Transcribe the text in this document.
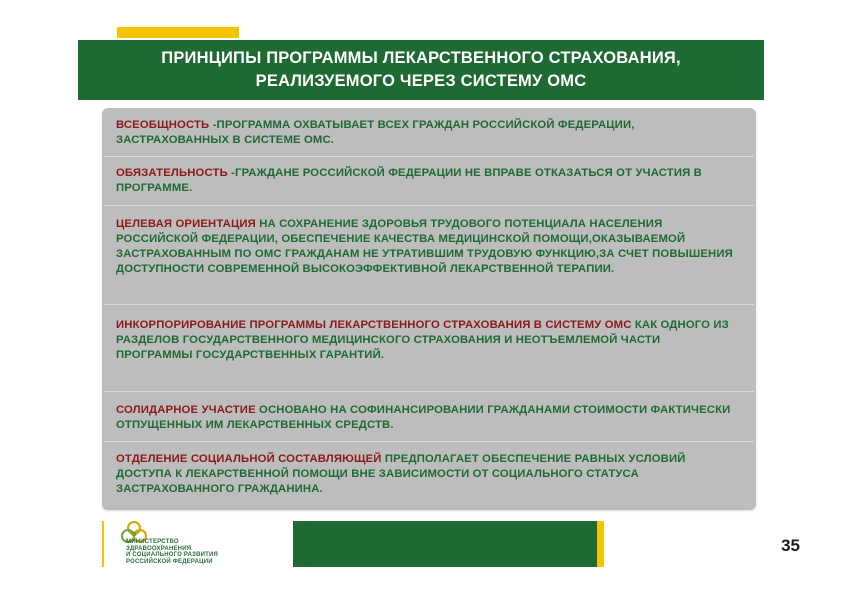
ПРИНЦИПЫ ПРОГРАММЫ ЛЕКАРСТВЕННОГО СТРАХОВАНИЯ,
РЕАЛИЗУЕМОГО ЧЕРЕЗ СИСТЕМУ ОМС
ВСЕОБЩНОСТЬ -ПРОГРАММА ОХВАТЫВАЕТ ВСЕХ ГРАЖДАН РОССИЙСКОЙ ФЕДЕРАЦИИ, ЗАСТРАХОВАННЫХ В СИСТЕМЕ ОМС.
ОБЯЗАТЕЛЬНОСТЬ -ГРАЖДАНЕ РОССИЙСКОЙ ФЕДЕРАЦИИ НЕ ВПРАВЕ ОТКАЗАТЬСЯ ОТ УЧАСТИЯ В ПРОГРАММЕ.
ЦЕЛЕВАЯ ОРИЕНТАЦИЯ НА СОХРАНЕНИЕ ЗДОРОВЬЯ ТРУДОВОГО ПОТЕНЦИАЛА НАСЕЛЕНИЯ РОССИЙСКОЙ ФЕДЕРАЦИИ, ОБЕСПЕЧЕНИЕ КАЧЕСТВА МЕДИЦИНСКОЙ ПОМОЩИ,ОКАЗЫВАЕМОЙ ЗАСТРАХОВАННЫМ ПО ОМС ГРАЖДАНАМ НЕ УТРАТИВШИМ ТРУДОВУЮ ФУНКЦИЮ,ЗА СЧЕТ ПОВЫШЕНИЯ ДОСТУПНОСТИ СОВРЕМЕННОЙ ВЫСОКОЭФФЕКТИВНОЙ ЛЕКАРСТВЕННОЙ ТЕРАПИИ.
ИНКОРПОРИРОВАНИЕ ПРОГРАММЫ ЛЕКАРСТВЕННОГО СТРАХОВАНИЯ В СИСТЕМУ ОМС КАК ОДНОГО ИЗ РАЗДЕЛОВ ГОСУДАРСТВЕННОГО МЕДИЦИНСКОГО СТРАХОВАНИЯ И НЕОТЪЕМЛЕМОЙ ЧАСТИ ПРОГРАММЫ ГОСУДАРСТВЕННЫХ ГАРАНТИЙ.
СОЛИДАРНОЕ УЧАСТИЕ ОСНОВАНО НА СОФИНАНСИРОВАНИИ ГРАЖДАНАМИ СТОИМОСТИ ФАКТИЧЕСКИ ОТПУЩЕННЫХ ИМ ЛЕКАРСТВЕННЫХ СРЕДСТВ.
ОТДЕЛЕНИЕ СОЦИАЛЬНОЙ СОСТАВЛЯЮЩЕЙ ПРЕДПОЛАГАЕТ ОБЕСПЕЧЕНИЕ РАВНЫХ УСЛОВИЙ ДОСТУПА К ЛЕКАРСТВЕННОЙ ПОМОЩИ ВНЕ ЗАВИСИМОСТИ ОТ СОЦИАЛЬНОГО СТАТУСА ЗАСТРАХОВАННОГО ГРАЖДАНИНА.
МИНИСТЕРСТВО
ЗДРАВООХРАНЕНИЯ
И СОЦИАЛЬНОГО РАЗВИТИЯ
РОССИЙСКОЙ ФЕДЕРАЦИИ
35
